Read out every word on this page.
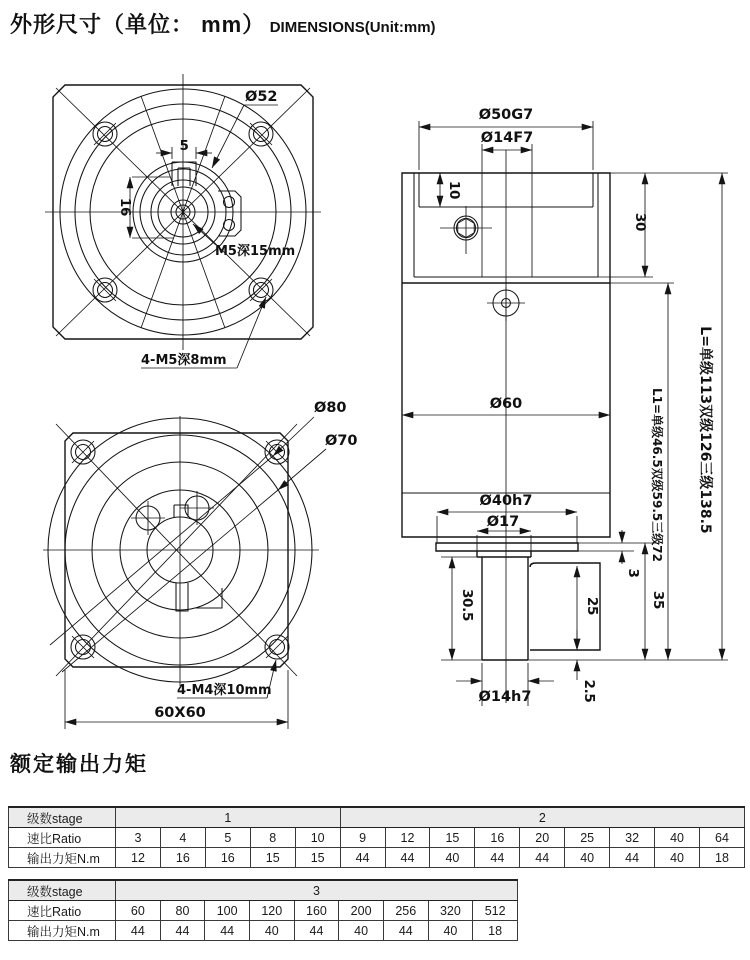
外形尺寸（单位： mm） DIMENSIONS(Unit:mm)
5
16
Ø52
M5深15mm
4-M5深8mm
Ø80
Ø70
4-M4深10mm
60X60
Ø50G7
Ø14F7
10
Ø60
Ø40h7
Ø17
30.5	25
3
2.5
Ø14h7
30
35
L1=单级46.5双级59.5三级72 L=单级113双级126三级138.5
额定输出力矩
级数stage	1					2								
速比Ratio	3	4	5	8	10	9	12	15	16	20	25	32	40	64
输出力矩N.m	12	16	16	15	15	44	44	40	44	44	40	44	40	18
级数stage	3								
速比Ratio	60	80	100	120	160	200	256	320	512
输出力矩N.m	44	44	44	40	44	40	44	40	18
